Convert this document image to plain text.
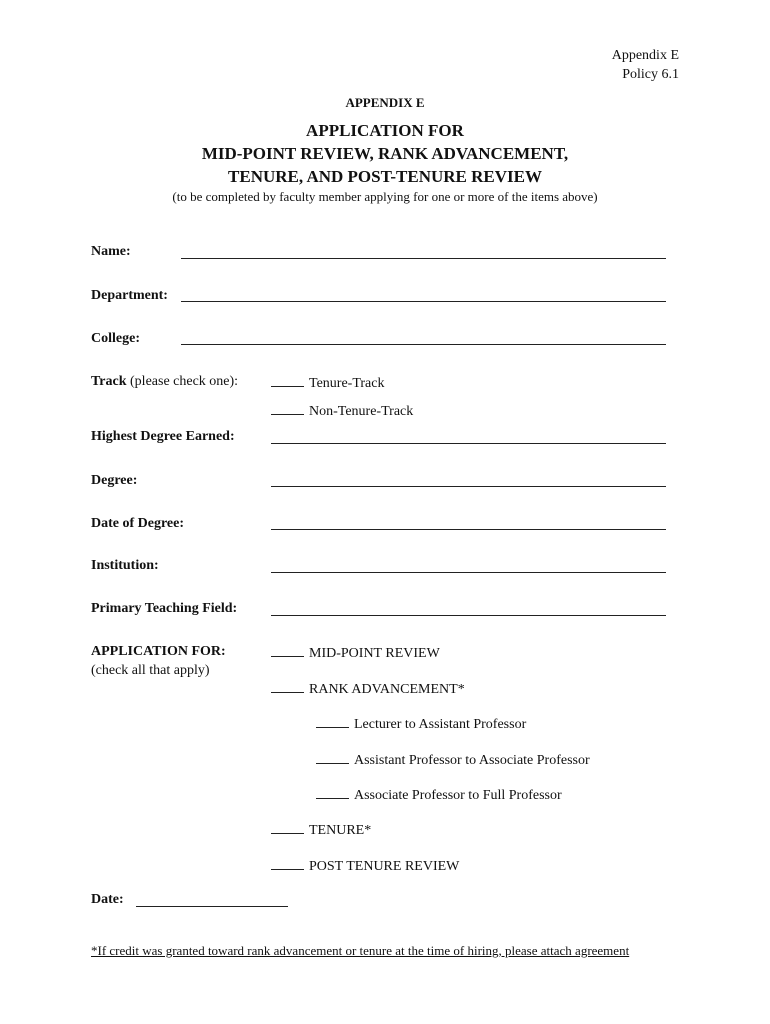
Appendix E
Policy 6.1
APPENDIX E
APPLICATION FOR
MID-POINT REVIEW, RANK ADVANCEMENT,
TENURE, AND POST-TENURE REVIEW
(to be completed by faculty member applying for one or more of the items above)
Name:
Department:
College:
Track (please check one):	Tenure-Track
Non-Tenure-Track
Highest Degree Earned:
Degree:
Date of Degree:
Institution:
Primary Teaching Field:
APPLICATION FOR:
(check all that apply)
MID-POINT REVIEW
RANK ADVANCEMENT*
Lecturer to Assistant Professor
Assistant Professor to Associate Professor
Associate Professor to Full Professor
TENURE*
POST TENURE REVIEW
Date:
*If credit was granted toward rank advancement or tenure at the time of hiring, please attach agreement
